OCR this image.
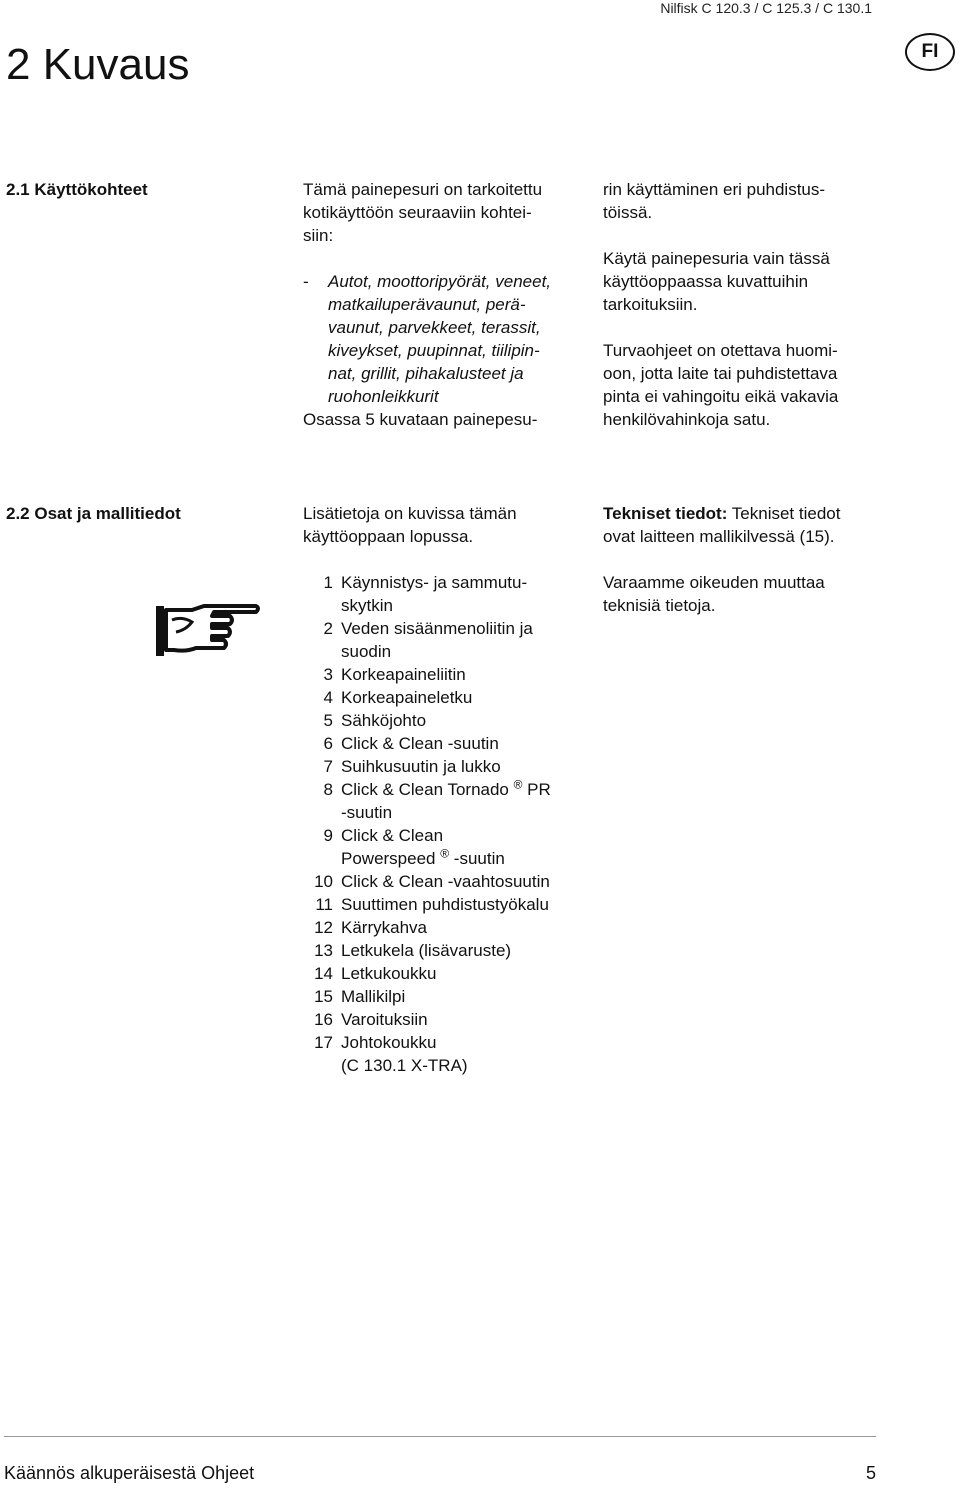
Nilfisk C 120.3 / C 125.3 / C 130.1
2 Kuvaus	FI
2.1 Käyttökohteet	Tämä painepesuri on tarkoitettu
kotikäyttöön seuraaviin kohtei-
siin:
- Autot, moottoripyörät, veneet,
matkailuperävaunut, perä-
vaunut, parvekkeet, terassit,
kiveykset, puupinnat, tiilipin-
nat, grillit, pihakalusteet ja
ruohonleikkurit
Osassa 5 kuvataan painepesu-
rin käyttäminen eri puhdistus-
töissä.
Käytä painepesuria vain tässä
käyttöoppaassa kuvattuihin
tarkoituksiin.
Turvaohjeet on otettava huomi-
oon, jotta laite tai puhdistettava
pinta ei vahingoitu eikä vakavia
henkilövahinkoja satu.
2.2 Osat ja mallitiedot	Lisätietoja on kuvissa tämän
käyttöoppaan lopussa.
1 Käynnistys- ja sammutu-
skytkin
2 Veden sisäänmenoliitin ja
suodin
3 Korkeapaineliitin
4 Korkeapaineletku
5 Sähköjohto
6 Click & Clean -suutin
7 Suihkusuutin ja lukko
8 Click & Clean Tornado ® PR
-suutin
9 Click & Clean
Powerspeed ® -suutin
10 Click & Clean -vaahtosuutin
11 Suuttimen puhdistustyökalu
12 Kärrykahva
13 Letkukela (lisävaruste)
14 Letkukoukku
15 Mallikilpi
16 Varoituksiin
17 Johtokoukku
(C 130.1 X-TRA)
Tekniset tiedot: Tekniset tiedot
ovat laitteen mallikilvessä (15).
Varaamme oikeuden muuttaa
teknisiä tietoja.
Käännös alkuperäisestä Ohjeet	5
